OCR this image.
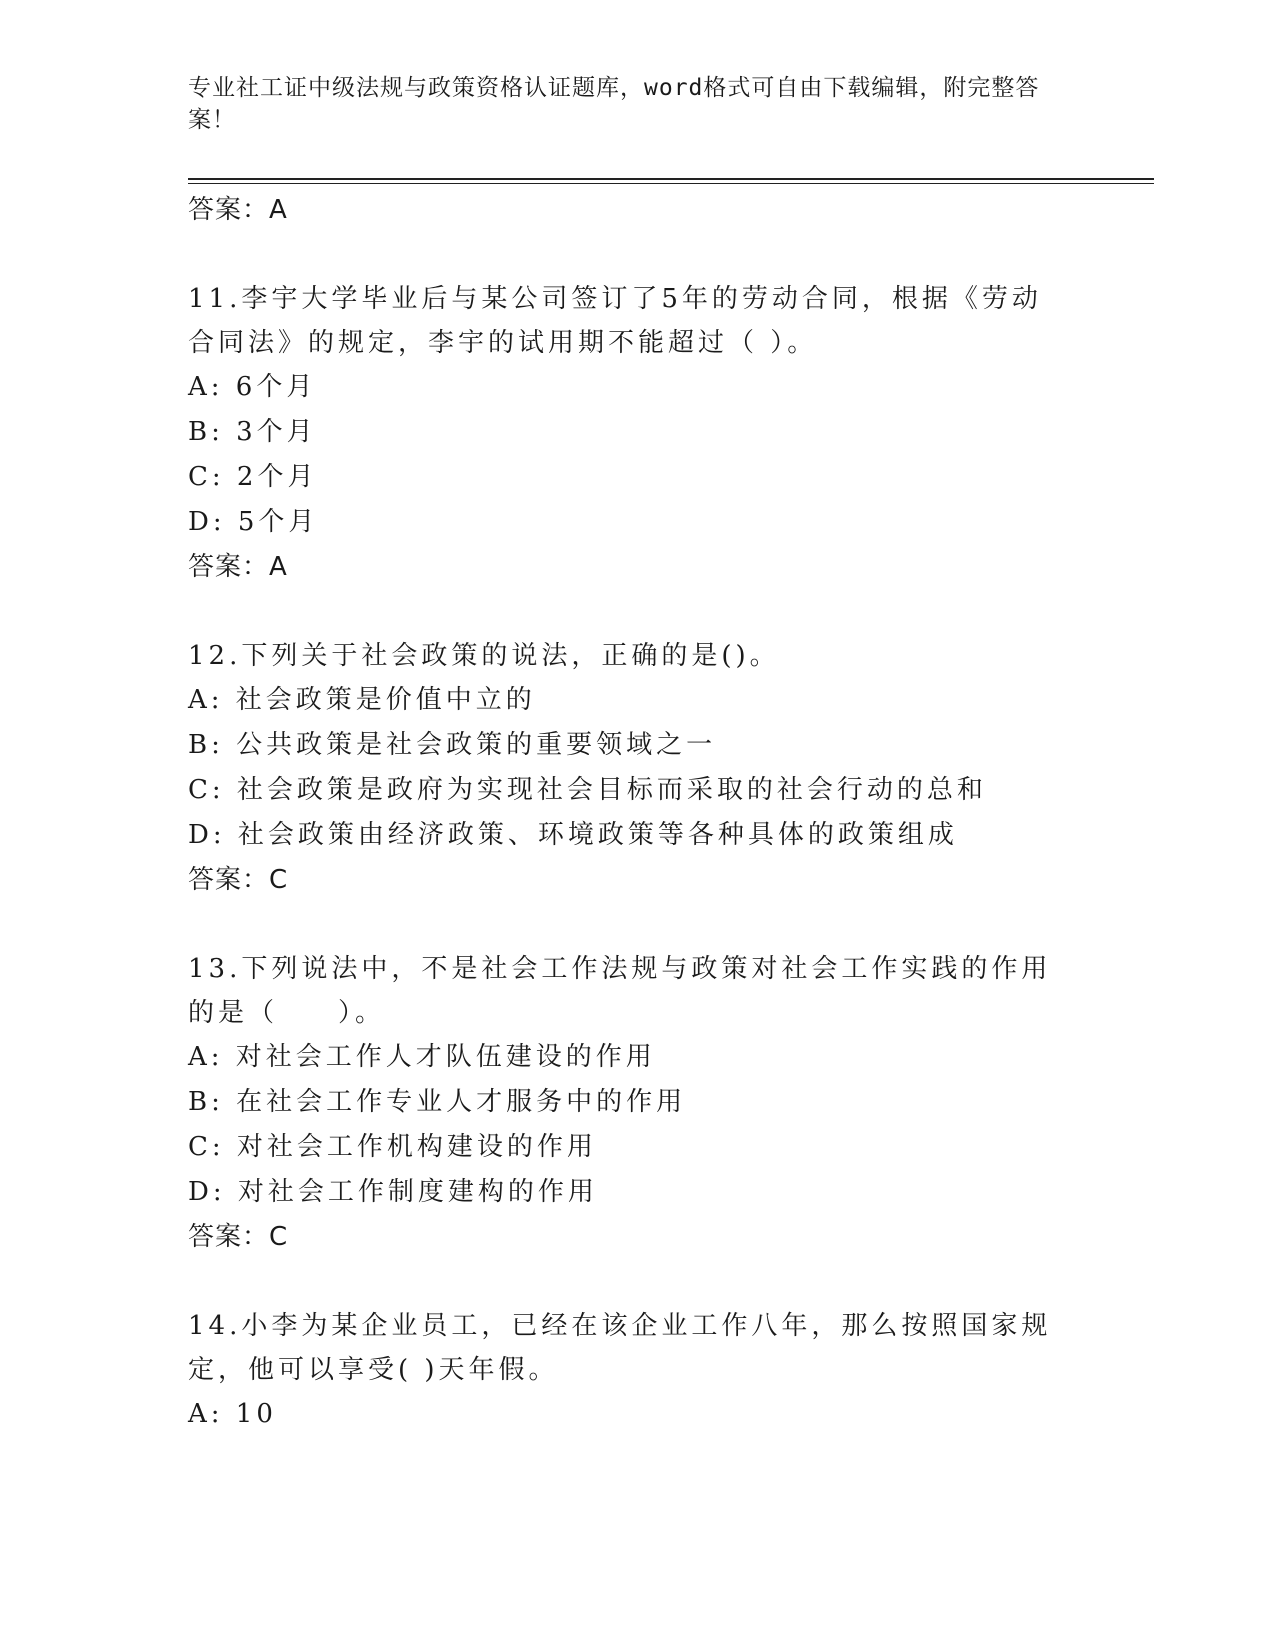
专业社工证中级法规与政策资格认证题库，word格式可自由下载编辑，附完整答案！
答案：A
11.李宇大学毕业后与某公司签订了5年的劳动合同，根据《劳动合同法》的规定，李宇的试用期不能超过（ ）。
A: 6个月
B: 3个月
C: 2个月
D: 5个月
答案：A
12.下列关于社会政策的说法，正确的是()。
A: 社会政策是价值中立的
B: 公共政策是社会政策的重要领域之一
C: 社会政策是政府为实现社会目标而采取的社会行动的总和
D: 社会政策由经济政策、环境政策等各种具体的政策组成
答案：C
13.下列说法中，不是社会工作法规与政策对社会工作实践的作用的是（　　）。
A: 对社会工作人才队伍建设的作用
B: 在社会工作专业人才服务中的作用
C: 对社会工作机构建设的作用
D: 对社会工作制度建构的作用
答案：C
14.小李为某企业员工，已经在该企业工作八年，那么按照国家规定，他可以享受( )天年假。
A: 10
